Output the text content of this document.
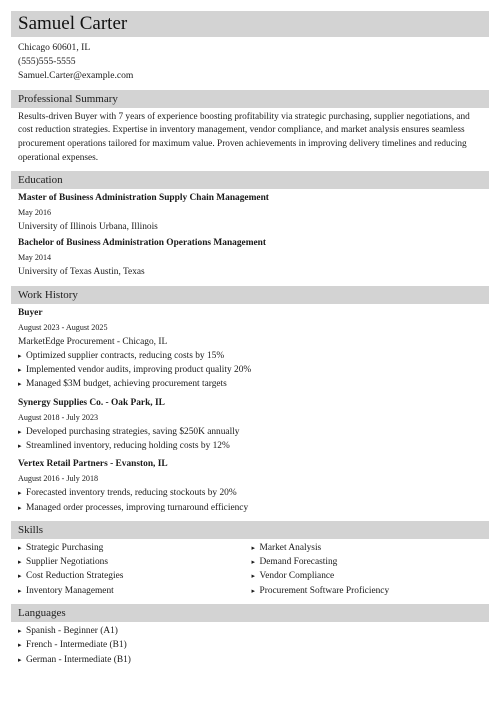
Samuel Carter
Chicago 60601, IL
(555)555-5555
Samuel.Carter@example.com
Professional Summary
Results-driven Buyer with 7 years of experience boosting profitability via strategic purchasing, supplier negotiations, and cost reduction strategies. Expertise in inventory management, vendor compliance, and market analysis ensures seamless procurement operations tailored for maximum value. Proven achievements in improving delivery timelines and reducing operational expenses.
Education
Master of Business Administration Supply Chain Management
May 2016
University of Illinois Urbana, Illinois
Bachelor of Business Administration Operations Management
May 2014
University of Texas Austin, Texas
Work History
Buyer
August 2023 - August 2025
MarketEdge Procurement - Chicago, IL
▸ Optimized supplier contracts, reducing costs by 15%
▸ Implemented vendor audits, improving product quality 20%
▸ Managed $3M budget, achieving procurement targets
Synergy Supplies Co. - Oak Park, IL
August 2018 - July 2023
▸ Developed purchasing strategies, saving $250K annually
▸ Streamlined inventory, reducing holding costs by 12%
Vertex Retail Partners - Evanston, IL
August 2016 - July 2018
▸ Forecasted inventory trends, reducing stockouts by 20%
▸ Managed order processes, improving turnaround efficiency
Skills
▸ Strategic Purchasing
▸ Supplier Negotiations
▸ Cost Reduction Strategies
▸ Inventory Management
▸ Market Analysis
▸ Demand Forecasting
▸ Vendor Compliance
▸ Procurement Software Proficiency
Languages
▸ Spanish - Beginner (A1)
▸ French - Intermediate (B1)
▸ German - Intermediate (B1)
